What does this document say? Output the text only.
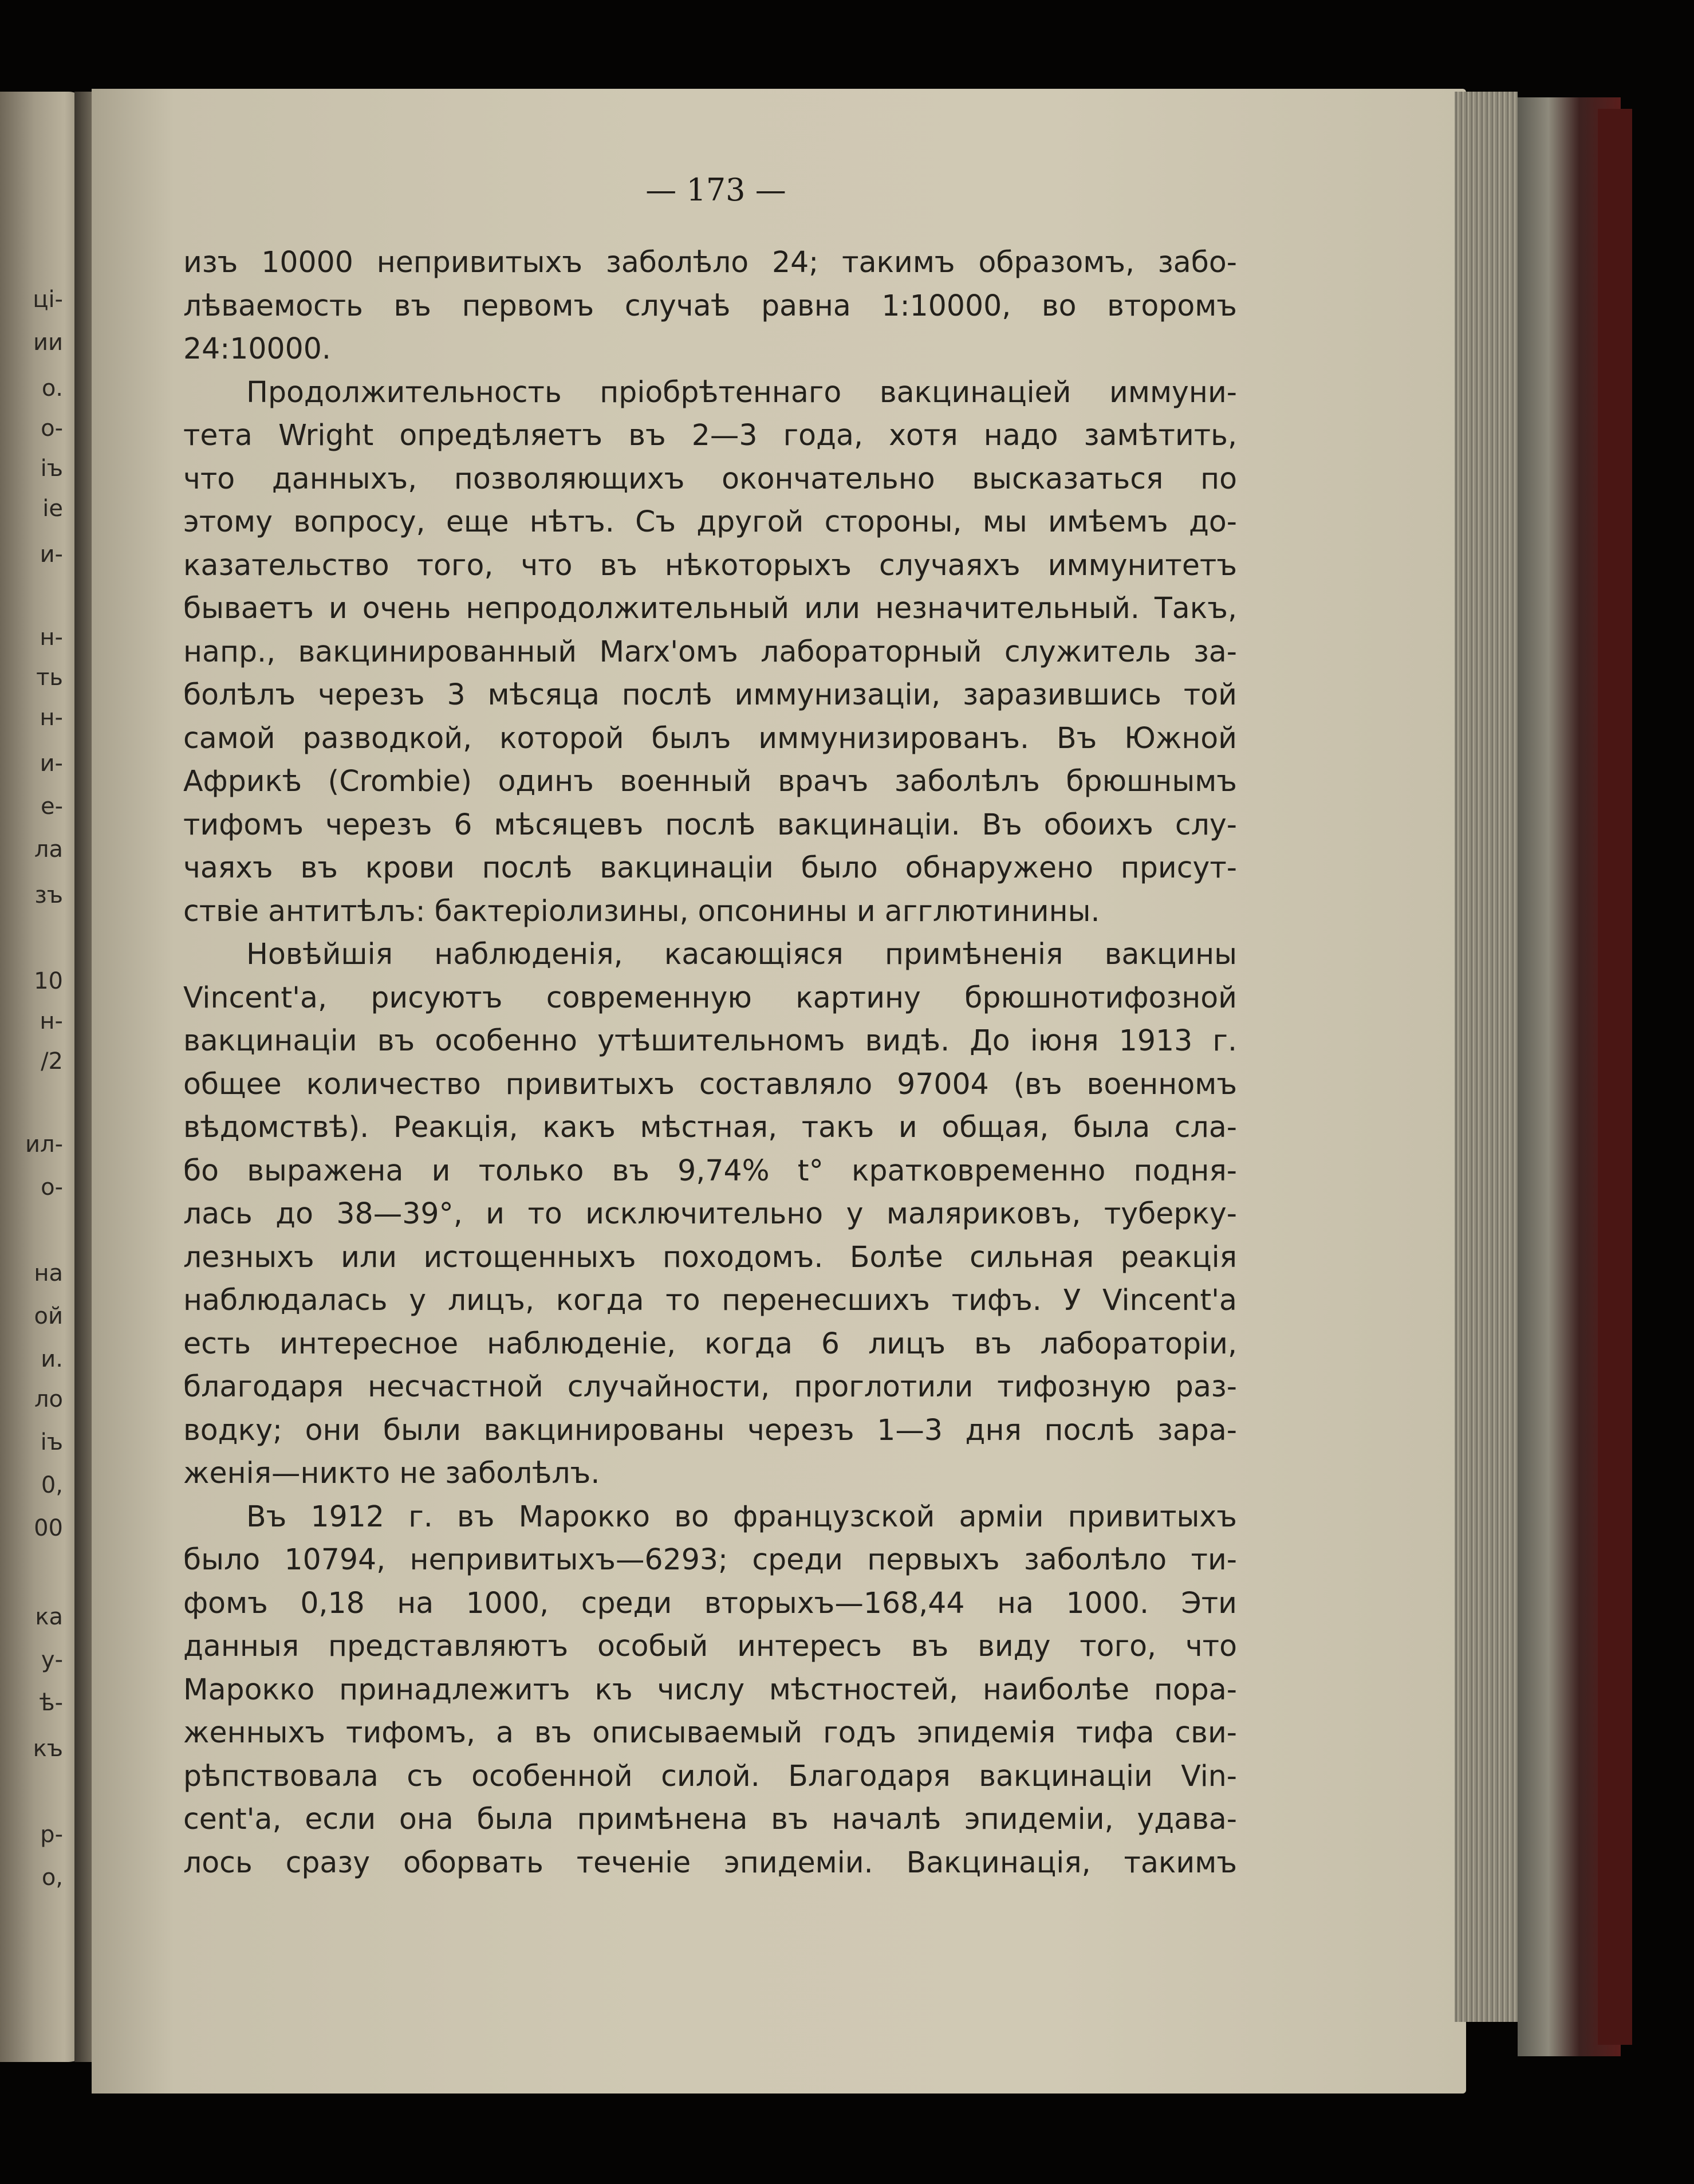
ці-
ии
о.
о-
іъ
іе
и-
н-
ть
н-
и-
е-
ла
зъ
10
н-
/2
ил-
о-
на
ой
и.
ло
іъ
0,
00
ка
у-
ѣ-
къ
р-
о,
— 173 —
изъ 10000 непривитыхъ заболѣло 24; такимъ образомъ, забо-
лѣваемость въ первомъ случаѣ равна 1:10000, во второмъ
24:10000.
Продолжительность пріобрѣтеннаго вакцинаціей иммуни-
тета Wright опредѣляетъ въ 2—3 года, хотя надо замѣтить,
что данныхъ, позволяющихъ окончательно высказаться по
этому вопросу, еще нѣтъ. Съ другой стороны, мы имѣемъ до-
казательство того, что въ нѣкоторыхъ случаяхъ иммунитетъ
бываетъ и очень непродолжительный или незначительный. Такъ,
напр., вакцинированный Marx'омъ лабораторный служитель за-
болѣлъ черезъ 3 мѣсяца послѣ иммунизаціи, заразившись той
самой разводкой, которой былъ иммунизированъ. Въ Южной
Африкѣ (Crombie) одинъ военный врачъ заболѣлъ брюшнымъ
тифомъ черезъ 6 мѣсяцевъ послѣ вакцинаціи. Въ обоихъ слу-
чаяхъ въ крови послѣ вакцинаціи было обнаружено присут-
ствіе антитѣлъ: бактеріолизины, опсонины и агглютинины.
Новѣйшія наблюденія, касающіяся примѣненія вакцины
Vincent'a, рисуютъ современную картину брюшнотифозной
вакцинаціи въ особенно утѣшительномъ видѣ. До іюня 1913 г.
общее количество привитыхъ составляло 97004 (въ военномъ
вѣдомствѣ). Реакція, какъ мѣстная, такъ и общая, была сла-
бо выражена и только въ 9,74% t° кратковременно подня-
лась до 38—39°, и то исключительно у маляриковъ, туберку-
лезныхъ или истощенныхъ походомъ. Болѣе сильная реакція
наблюдалась у лицъ, когда то перенесшихъ тифъ. У Vincent'a
есть интересное наблюденіе, когда 6 лицъ въ лабораторіи,
благодаря несчастной случайности, проглотили тифозную раз-
водку; они были вакцинированы черезъ 1—3 дня послѣ зара-
женія—никто не заболѣлъ.
Въ 1912 г. въ Марокко во французской арміи привитыхъ
было 10794, непривитыхъ—6293; среди первыхъ заболѣло ти-
фомъ 0,18 на 1000, среди вторыхъ—168,44 на 1000. Эти
данныя представляютъ особый интересъ въ виду того, что
Марокко принадлежитъ къ числу мѣстностей, наиболѣе пора-
женныхъ тифомъ, а въ описываемый годъ эпидемія тифа сви-
рѣпствовала съ особенной силой. Благодаря вакцинаціи Vin-
cent'a, если она была примѣнена въ началѣ эпидеміи, удава-
лось сразу оборвать теченіе эпидеміи. Вакцинація, такимъ
